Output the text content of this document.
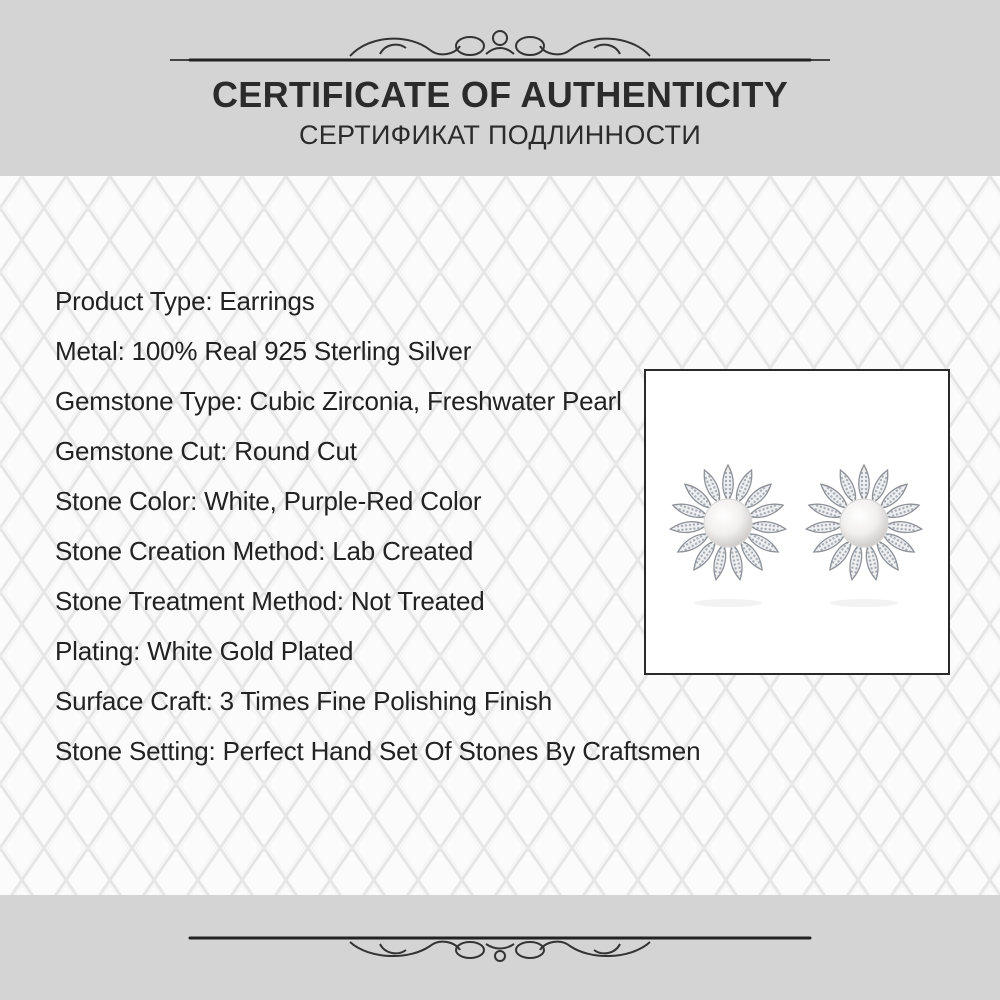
CERTIFICATE OF AUTHENTICITY
СЕРТИФИКАТ ПОДЛИННОСТИ
Product Type: Earrings
Metal: 100% Real 925 Sterling Silver
Gemstone Type: Cubic Zirconia, Freshwater Pearl
Gemstone Cut: Round Cut
Stone Color: White, Purple-Red Color
Stone Creation Method: Lab Created
Stone Treatment Method: Not Treated
Plating: White Gold Plated
Surface Craft: 3 Times Fine Polishing Finish
Stone Setting: Perfect Hand Set Of Stones By Craftsmen
